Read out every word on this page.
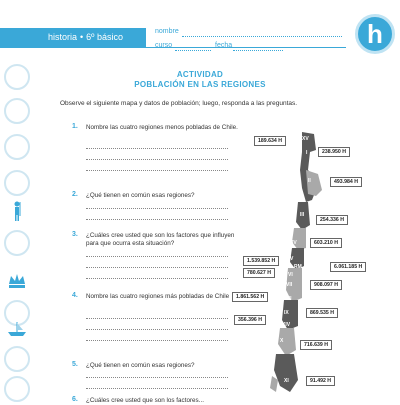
historia • 6º básico
nombre
curso	fecha	h
ACTIVIDAD
POBLACIÓN EN LAS REGIONES
Observe el siguiente mapa y datos de población; luego, responda a las preguntas.
1. Nombre las cuatro regiones menos pobladas de Chile.
2. ¿Qué tienen en común esas regiones?
3. ¿Cuáles cree usted que son los factores que influyen para que ocurra esta situación?
4. Nombre las cuatro regiones más pobladas de Chile
5. ¿Qué tienen en común esas regiones?
6. ¿Cuáles cree usted que son los factores...
XV
I
II
III
IV
V
RM
VI
VII
VIII
IX
XIV
X
XI
189.634 H
238.950 H
493.984 H
254.336 H
603.210 H
1.539.852 H
6.061.185 H
780.627 H
908.097 H
1.861.562 H
869.535 H
356.396 H
716.639 H
91.492 H
